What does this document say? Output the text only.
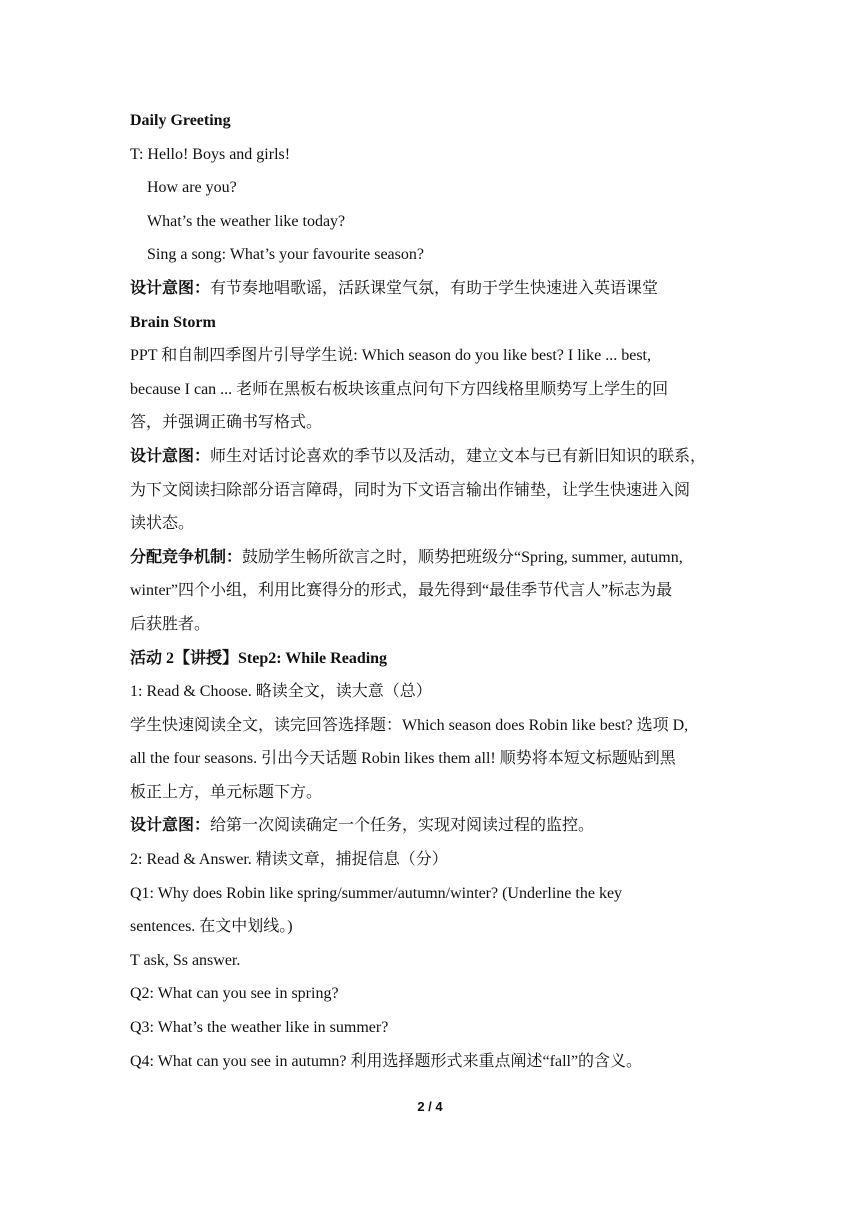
Daily Greeting
T: Hello! Boys and girls!
How are you?
What’s the weather like today?
Sing a song: What’s your favourite season?
设计意图：有节奏地唱歌谣，活跃课堂气氛，有助于学生快速进入英语课堂
Brain Storm
PPT 和自制四季图片引导学生说: Which season do you like best? I like ... best,
because I can ... 老师在黑板右板块该重点问句下方四线格里顺势写上学生的回
答，并强调正确书写格式。
设计意图：师生对话讨论喜欢的季节以及活动，建立文本与已有新旧知识的联系，
为下文阅读扫除部分语言障碍，同时为下文语言输出作铺垫，让学生快速进入阅
读状态。
分配竞争机制：鼓励学生畅所欲言之时，顺势把班级分“Spring, summer, autumn,
winter”四个小组，利用比赛得分的形式，最先得到“最佳季节代言人”标志为最
后获胜者。
活动 2【讲授】Step2: While Reading
1: Read & Choose. 略读全文，读大意（总）
学生快速阅读全文，读完回答选择题：Which season does Robin like best? 选项 D,
all the four seasons. 引出今天话题 Robin likes them all! 顺势将本短文标题贴到黑
板正上方，单元标题下方。
设计意图：给第一次阅读确定一个任务，实现对阅读过程的监控。
2: Read & Answer. 精读文章，捕捉信息（分）
Q1: Why does Robin like spring/summer/autumn/winter? (Underline the key
sentences. 在文中划线。)
T ask, Ss answer.
Q2: What can you see in spring?
Q3: What’s the weather like in summer?
Q4: What can you see in autumn? 利用选择题形式来重点阐述“fall”的含义。
2 / 4
